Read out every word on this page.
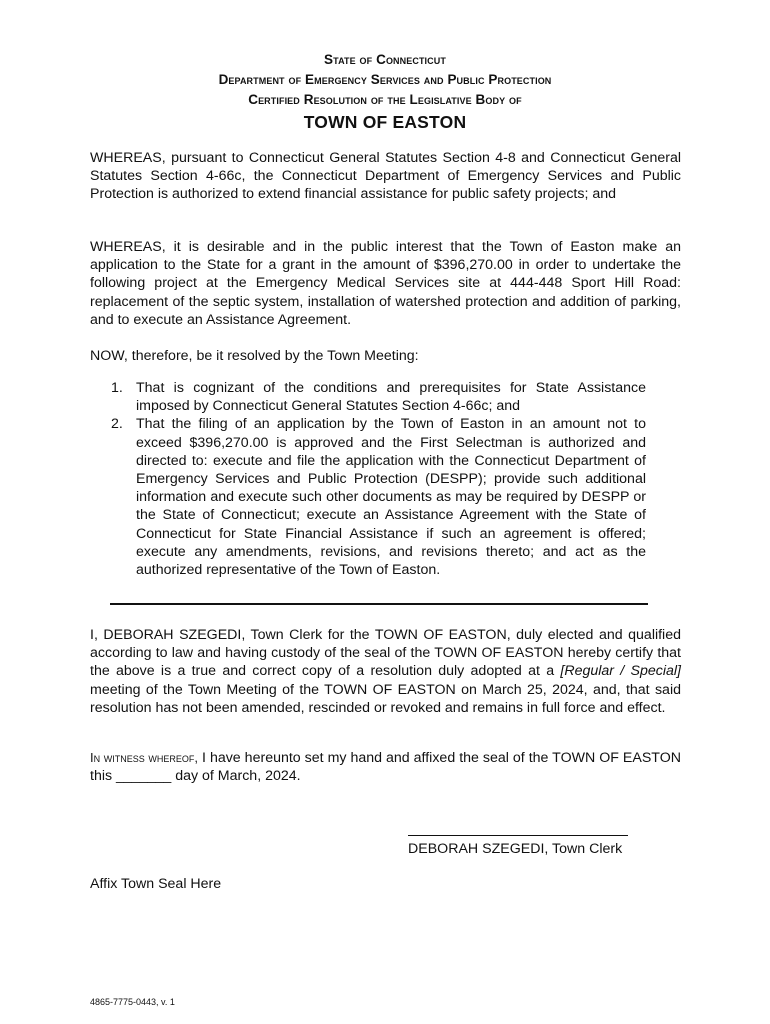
State of Connecticut
Department of Emergency Services and Public Protection
Certified Resolution of the Legislative Body of
TOWN OF EASTON

WHEREAS, pursuant to Connecticut General Statutes Section 4-8 and Connecticut General Statutes Section 4-66c, the Connecticut Department of Emergency Services and Public Protection is authorized to extend financial assistance for public safety projects; and

WHEREAS, it is desirable and in the public interest that the Town of Easton make an application to the State for a grant in the amount of $396,270.00 in order to undertake the following project at the Emergency Medical Services site at 444-448 Sport Hill Road: replacement of the septic system, installation of watershed protection and addition of parking, and to execute an Assistance Agreement.

NOW, therefore, be it resolved by the Town Meeting:

1. That is cognizant of the conditions and prerequisites for State Assistance imposed by Connecticut General Statutes Section 4-66c; and
2. That the filing of an application by the Town of Easton in an amount not to exceed $396,270.00 is approved and the First Selectman is authorized and directed to: execute and file the application with the Connecticut Department of Emergency Services and Public Protection (DESPP); provide such additional information and execute such other documents as may be required by DESPP or the State of Connecticut; execute an Assistance Agreement with the State of Connecticut for State Financial Assistance if such an agreement is offered; execute any amendments, revisions, and revisions thereto; and act as the authorized representative of the Town of Easton.

I, DEBORAH SZEGEDI, Town Clerk for the TOWN OF EASTON, duly elected and qualified according to law and having custody of the seal of the TOWN OF EASTON hereby certify that the above is a true and correct copy of a resolution duly adopted at a [Regular / Special] meeting of the Town Meeting of the TOWN OF EASTON on March 25, 2024, and, that said resolution has not been amended, rescinded or revoked and remains in full force and effect.

In witness whereof, I have hereunto set my hand and affixed the seal of the TOWN OF EASTON this _______ day of March, 2024.

DEBORAH SZEGEDI, Town Clerk
Affix Town Seal Here
4865-7775-0443, v. 1
